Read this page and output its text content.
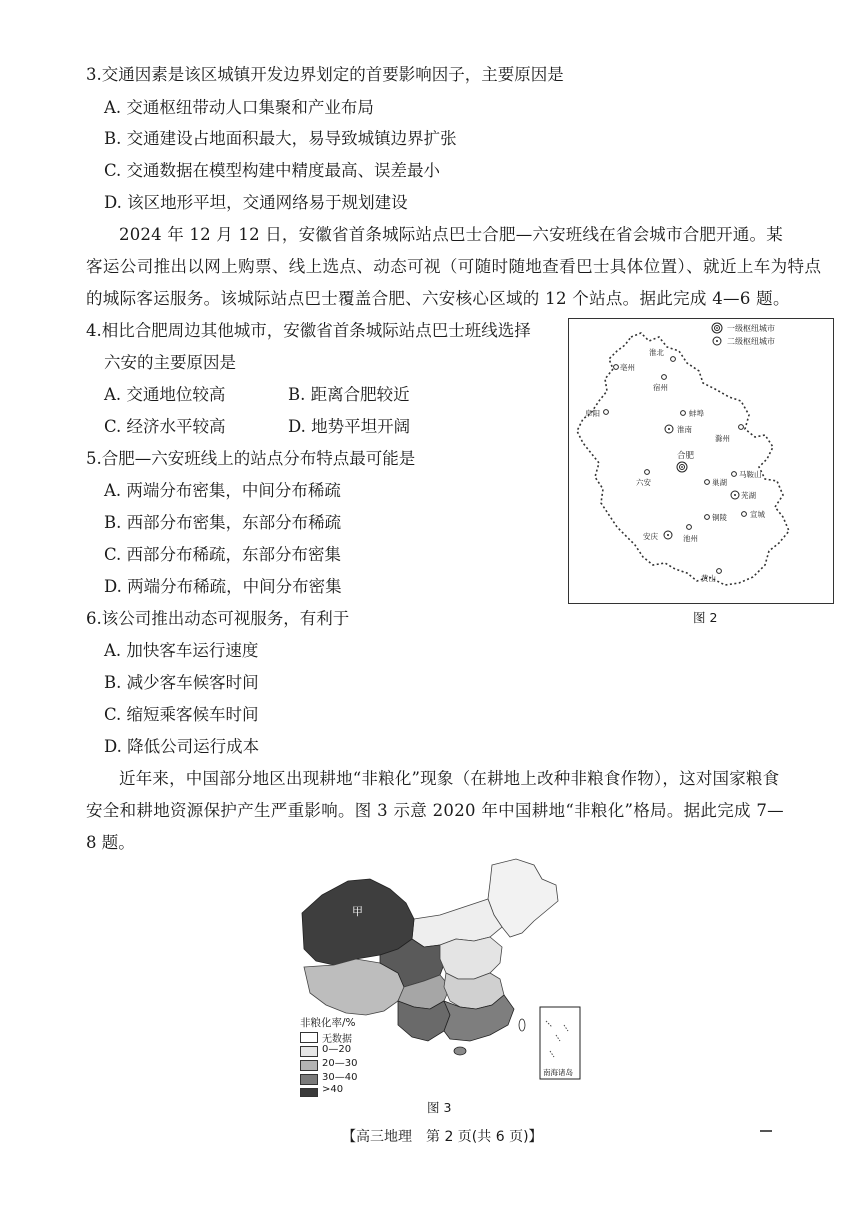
3.交通因素是该区城镇开发边界划定的首要影响因子，主要原因是
A. 交通枢纽带动人口集聚和产业布局
B. 交通建设占地面积最大，易导致城镇边界扩张
C. 交通数据在模型构建中精度最高、误差最小
D. 该区地形平坦，交通网络易于规划建设
2024 年 12 月 12 日，安徽省首条城际站点巴士合肥—六安班线在省会城市合肥开通。某
客运公司推出以网上购票、线上选点、动态可视（可随时随地查看巴士具体位置）、就近上车为特点
的城际客运服务。该城际站点巴士覆盖合肥、六安核心区域的 12 个站点。据此完成 4—6 题。
4.相比合肥周边其他城市，安徽省首条城际站点巴士班线选择
六安的主要原因是
A. 交通地位较高	B. 距离合肥较近
C. 经济水平较高	D. 地势平坦开阔
5.合肥—六安班线上的站点分布特点最可能是
A. 两端分布密集，中间分布稀疏
B. 西部分布密集，东部分布稀疏
C. 西部分布稀疏，东部分布密集
D. 两端分布稀疏，中间分布密集
6.该公司推出动态可视服务，有利于
A. 加快客车运行速度
B. 减少客车候客时间
C. 缩短乘客候车时间
D. 降低公司运行成本
近年来，中国部分地区出现耕地“非粮化”现象（在耕地上改种非粮食作物），这对国家粮食
安全和耕地资源保护产生严重影响。图 3 示意 2020 年中国耕地“非粮化”格局。据此完成 7—
8 题。
一级枢纽城市
二级枢纽城市
淮北
亳州
宿州
阜阳	蚌埠
淮南
滁州
合肥
六安
马鞍山
巢湖
芜湖
宣城
铜陵
安庆	池州
黄山
图 2
甲
南海诸岛
非粮化率/%
无数据
0—20
20—30
30—40
>40
图 3
【高三地理　第 2 页(共 6 页)】
